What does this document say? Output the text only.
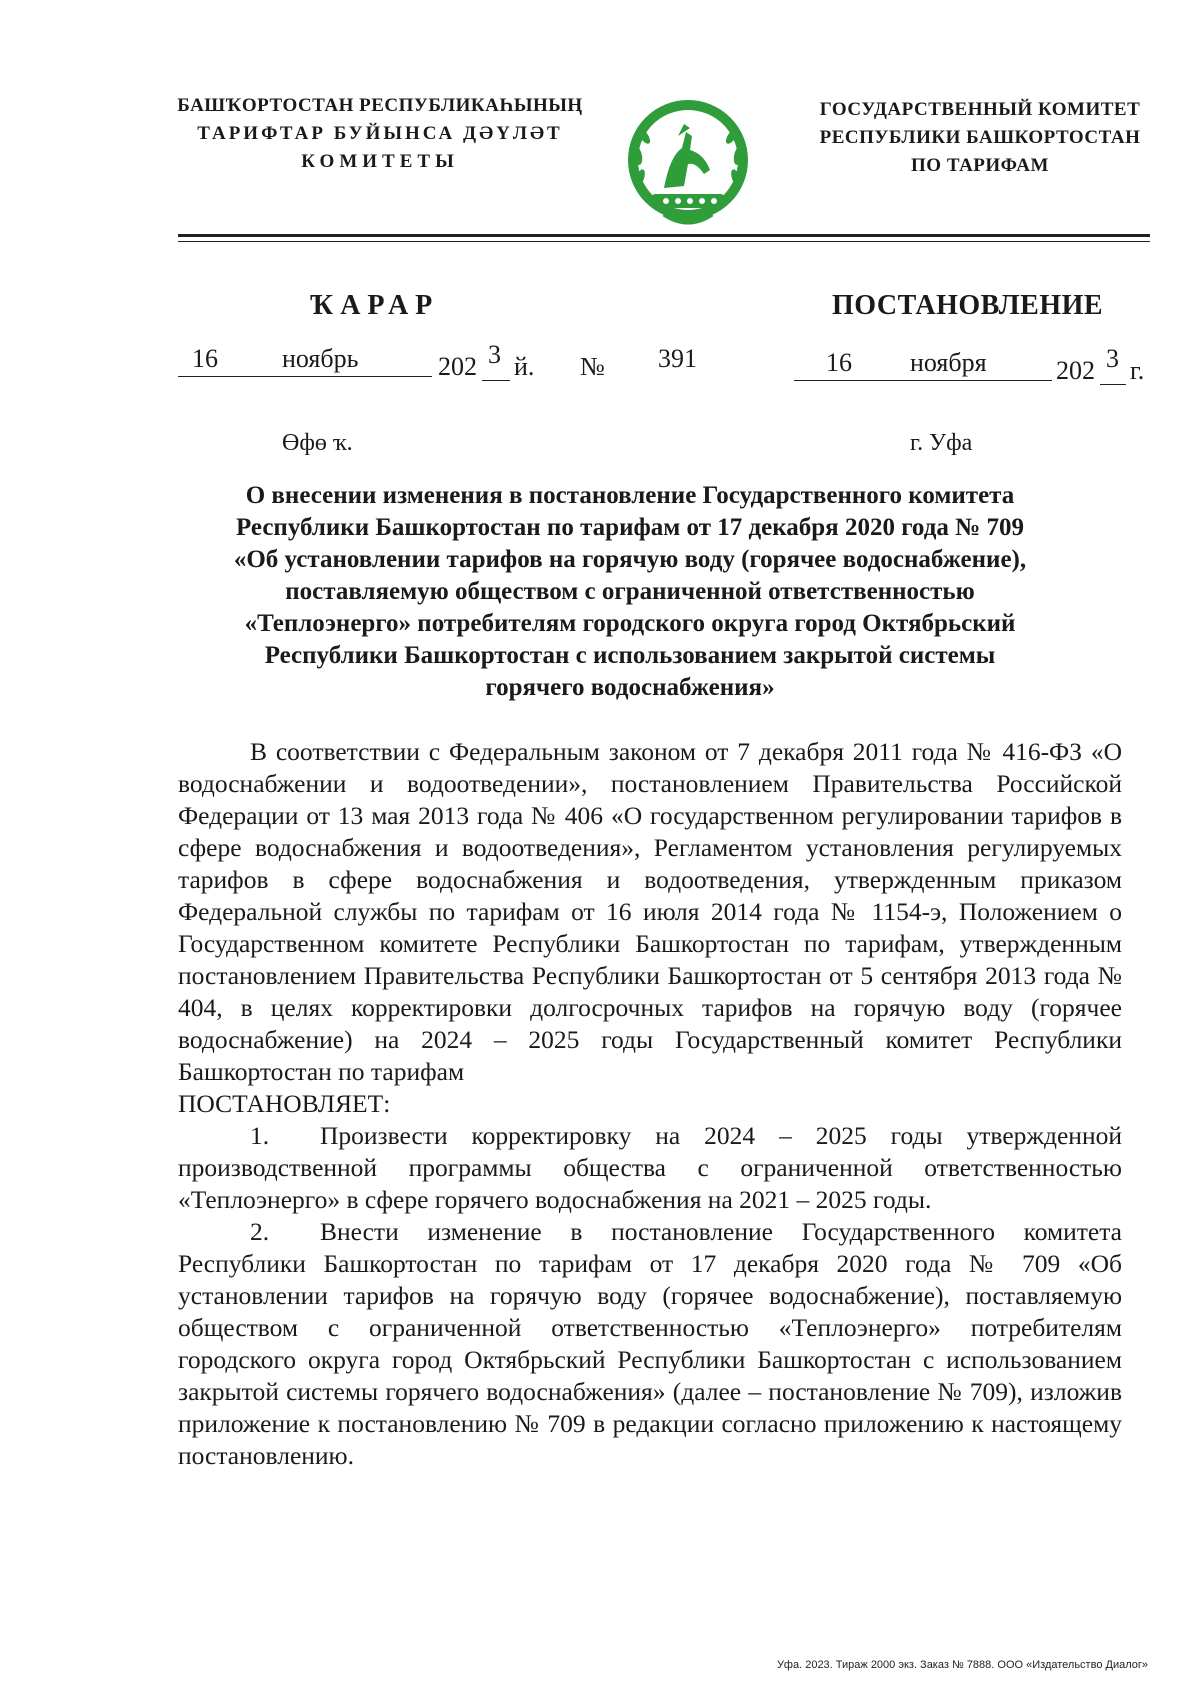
БАШҠОРТОСТАН РЕСПУБЛИКАҺЫНЫҢ
ТАРИФТАР БУЙЫНСА ДӘҮЛӘТ
КОМИТЕТЫ
ГОСУДАРСТВЕННЫЙ КОМИТЕТ
РЕСПУБЛИКИ БАШКОРТОСТАН
ПО ТАРИФАМ
ҠАРАР	ПОСТАНОВЛЕНИЕ
16 ноябрь	202 3 й. № 391	16 ноября	202 3 г.
Өфө ҡ.	г. Уфа
О внесении изменения в постановление Государственного комитета
Республики Башкортостан по тарифам от 17 декабря 2020 года № 709
«Об установлении тарифов на горячую воду (горячее водоснабжение),
поставляемую обществом с ограниченной ответственностью
«Теплоэнерго» потребителям городского округа город Октябрьский
Республики Башкортостан с использованием закрытой системы
горячего водоснабжения»

В соответствии с Федеральным законом от 7 декабря 2011 года № 416-ФЗ «О водоснабжении и водоотведении», постановлением Правительства Российской Федерации от 13 мая 2013 года № 406 «О государственном регулировании тарифов в сфере водоснабжения и водоотведения», Регламентом установления регулируемых тарифов в сфере водоснабжения и водоотведения, утвержденным приказом Федеральной службы по тарифам от 16 июля 2014 года № 1154-э, Положением о Государственном комитете Республики Башкортостан по тарифам, утвержденным постановлением Правительства Республики Башкортостан от 5 сентября 2013 года № 404, в целях корректировки долгосрочных тарифов на горячую воду (горячее водоснабжение) на 2024 – 2025 годы Государственный комитет Республики Башкортостан по тарифам

ПОСТАНОВЛЯЕТ:

1. Произвести корректировку на 2024 – 2025 годы утвержденной производственной программы общества с ограниченной ответственностью «Теплоэнерго» в сфере горячего водоснабжения на 2021 – 2025 годы.

2. Внести изменение в постановление Государственного комитета Республики Башкортостан по тарифам от 17 декабря 2020 года № 709 «Об установлении тарифов на горячую воду (горячее водоснабжение), поставляемую обществом с ограниченной ответственностью «Теплоэнерго» потребителям городского округа город Октябрьский Республики Башкортостан с использованием закрытой системы горячего водоснабжения» (далее – постановление № 709), изложив приложение к постановлению № 709 в редакции согласно приложению к настоящему постановлению.

Уфа. 2023. Тираж 2000 экз. Заказ № 7888. ООО «Издательство Диалог»
